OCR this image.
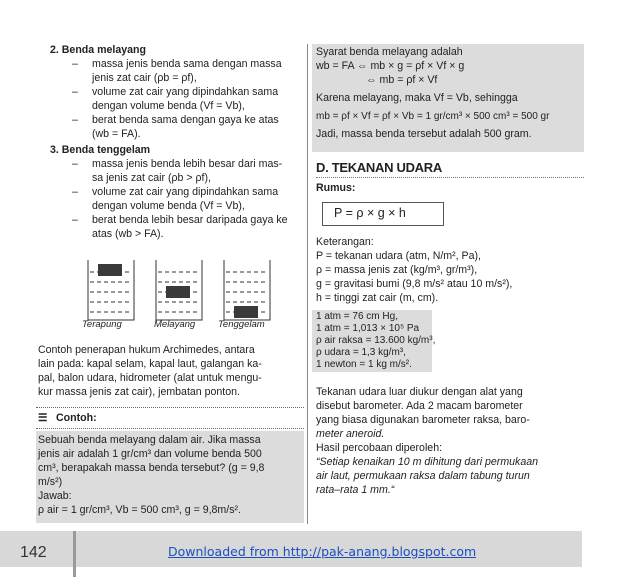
2. Benda melayang
– massa jenis benda sama dengan massa
jenis zat cair (ρb = ρf),
– volume zat cair yang dipindahkan sama
dengan volume benda (Vf = Vb),
– berat benda sama dengan gaya ke atas
(wb = FA).
3. Benda tenggelam
– massa jenis benda lebih besar dari mas-
sa jenis zat cair (ρb > ρf),
– volume zat cair yang dipindahkan sama
dengan volume benda (Vf = Vb),
– berat benda lebih besar daripada gaya ke
atas (wb > FA).
Terapung	Melayang Tenggelam
Contoh penerapan hukum Archimedes, antara
lain pada: kapal selam, kapal laut, galangan ka-
pal, balon udara, hidrometer (alat untuk mengu-
kur massa jenis zat cair), jembatan ponton.
☰ Contoh:
Sebuah benda melayang dalam air. Jika massa
jenis air adalah 1 gr/cm³ dan volume benda 500
cm³, berapakah massa benda tersebut? (g = 9,8
m/s²)
Jawab:
ρ air = 1 gr/cm³, Vb = 500 cm³, g = 9,8m/s².
Syarat benda melayang adalah
wb = FA ⇔ mb × g = ρf × Vf × g
⇔ mb = ρf × Vf
Karena melayang, maka Vf = Vb, sehingga
mb = ρf × Vf = ρf × Vb = 1 gr/cm³ × 500 cm³ = 500 gr
Jadi, massa benda tersebut adalah 500 gram.
D. TEKANAN UDARA
Rumus:
P = ρ × g × h
Keterangan:
P = tekanan udara (atm, N/m², Pa),
ρ = massa jenis zat (kg/m³, gr/m³),
g = gravitasi bumi (9,8 m/s² atau 10 m/s²),
h = tinggi zat cair (m, cm).
1 atm = 76 cm Hg,
1 atm = 1,013 × 10⁵ Pa
ρ air raksa = 13.600 kg/m³,
ρ udara = 1,3 kg/m³,
1 newton = 1 kg m/s².
Tekanan udara luar diukur dengan alat yang
disebut barometer. Ada 2 macam barometer
yang biasa digunakan barometer raksa, baro-
meter aneroid.
Hasil percobaan diperoleh:
“Setiap kenaikan 10 m dihitung dari permukaan
air laut, permukaan raksa dalam tabung turun
rata–rata 1 mm.“
142	Downloaded from http://pak-anang.blogspot.com
